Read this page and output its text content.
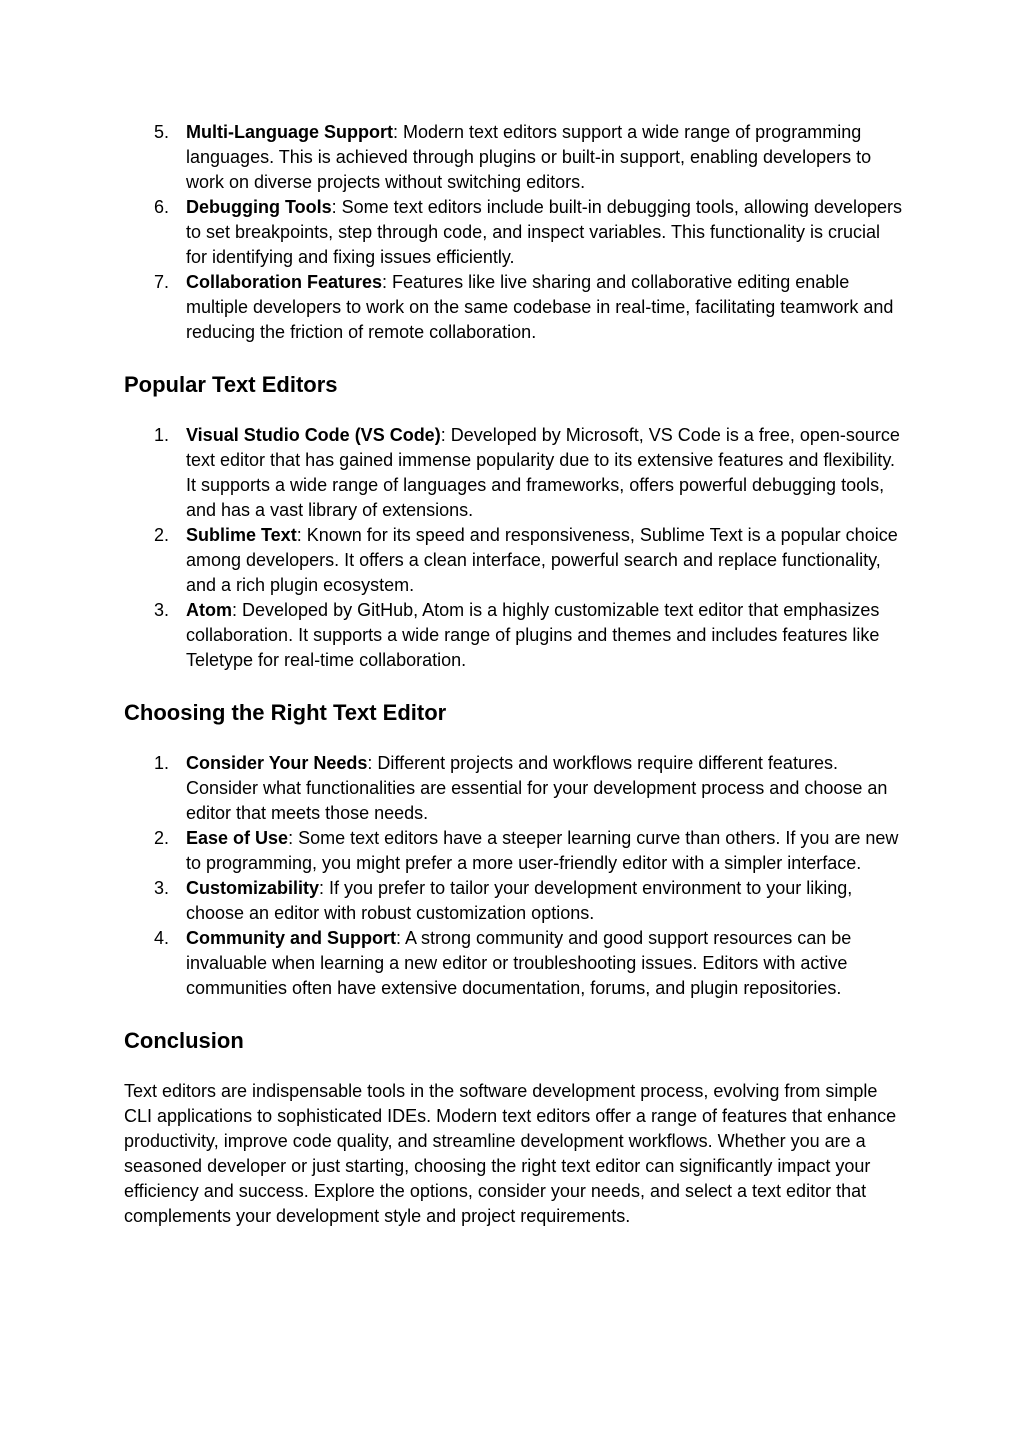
5. Multi-Language Support: Modern text editors support a wide range of programming languages. This is achieved through plugins or built-in support, enabling developers to work on diverse projects without switching editors.
6. Debugging Tools: Some text editors include built-in debugging tools, allowing developers to set breakpoints, step through code, and inspect variables. This functionality is crucial for identifying and fixing issues efficiently.
7. Collaboration Features: Features like live sharing and collaborative editing enable multiple developers to work on the same codebase in real-time, facilitating teamwork and reducing the friction of remote collaboration.
Popular Text Editors
1. Visual Studio Code (VS Code): Developed by Microsoft, VS Code is a free, open-source text editor that has gained immense popularity due to its extensive features and flexibility. It supports a wide range of languages and frameworks, offers powerful debugging tools, and has a vast library of extensions.
2. Sublime Text: Known for its speed and responsiveness, Sublime Text is a popular choice among developers. It offers a clean interface, powerful search and replace functionality, and a rich plugin ecosystem.
3. Atom: Developed by GitHub, Atom is a highly customizable text editor that emphasizes collaboration. It supports a wide range of plugins and themes and includes features like Teletype for real-time collaboration.
Choosing the Right Text Editor
1. Consider Your Needs: Different projects and workflows require different features. Consider what functionalities are essential for your development process and choose an editor that meets those needs.
2. Ease of Use: Some text editors have a steeper learning curve than others. If you are new to programming, you might prefer a more user-friendly editor with a simpler interface.
3. Customizability: If you prefer to tailor your development environment to your liking, choose an editor with robust customization options.
4. Community and Support: A strong community and good support resources can be invaluable when learning a new editor or troubleshooting issues. Editors with active communities often have extensive documentation, forums, and plugin repositories.
Conclusion

Text editors are indispensable tools in the software development process, evolving from simple CLI applications to sophisticated IDEs. Modern text editors offer a range of features that enhance productivity, improve code quality, and streamline development workflows. Whether you are a seasoned developer or just starting, choosing the right text editor can significantly impact your efficiency and success. Explore the options, consider your needs, and select a text editor that complements your development style and project requirements.
